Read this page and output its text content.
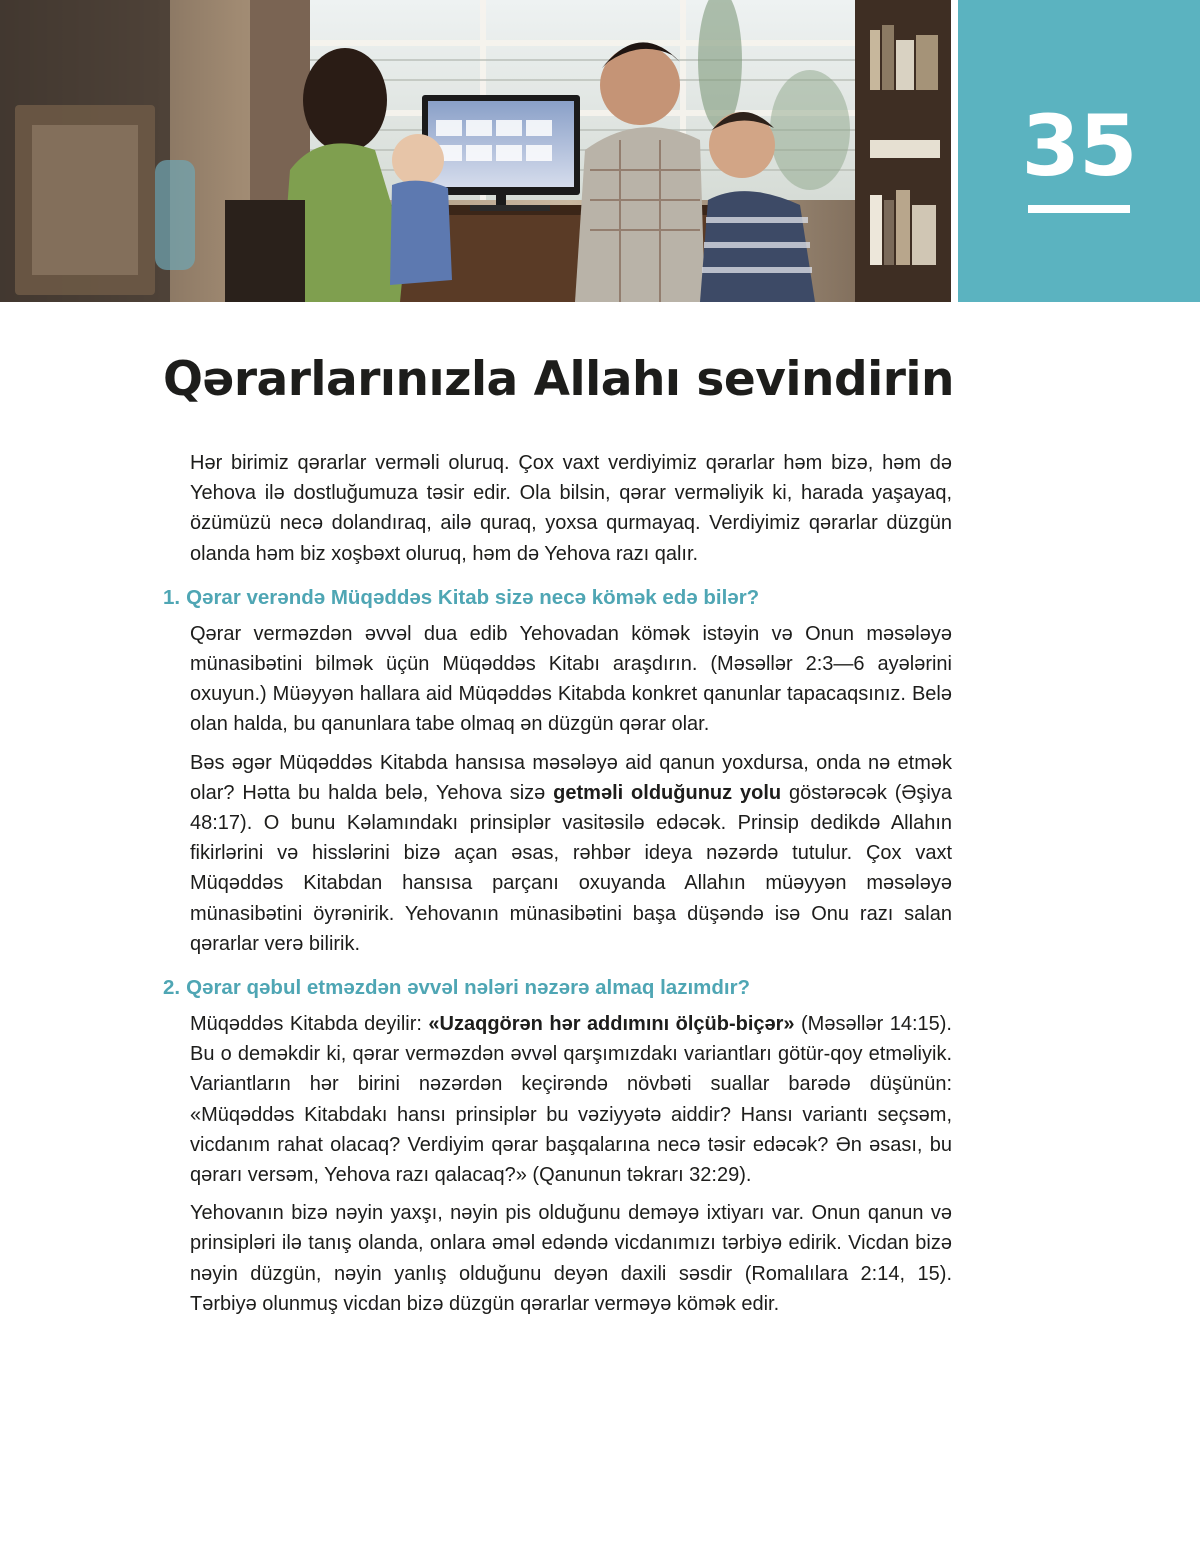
35
Qərarlarınızla Allahı sevindirin

Hər birimiz qərarlar verməli oluruq. Çox vaxt verdiyimiz qərarlar həm bizə, həm də Yehova ilə dostluğumuza təsir edir. Ola bilsin, qərar verməliyik ki, harada yaşayaq, özümüzü necə dolandıraq, ailə quraq, yoxsa qurmayaq. Verdiyimiz qərarlar düzgün olanda həm biz xoşbəxt oluruq, həm də Yehova razı qalır.

1. Qərar verəndə Müqəddəs Kitab sizə necə kömək edə bilər?

Qərar verməzdən əvvəl dua edib Yehovadan kömək istəyin və Onun məsələyə münasibətini bilmək üçün Müqəddəs Kitabı araşdırın. (Məsəllər 2:3—6 ayələrini oxuyun.) Müəyyən hallara aid Müqəddəs Kitabda konkret qanunlar tapacaqsınız. Belə olan halda, bu qanunlara tabe olmaq ən düzgün qərar olar.

Bəs əgər Müqəddəs Kitabda hansısa məsələyə aid qanun yoxdursa, onda nə etmək olar? Hətta bu halda belə, Yehova sizə getməli olduğunuz yolu göstərəcək (Əşiya 48:17). O bunu Kəlamındakı prinsiplər vasitəsilə edəcək. Prinsip dedikdə Allahın fikirlərini və hisslərini bizə açan əsas, rəhbər ideya nəzərdə tutulur. Çox vaxt Müqəddəs Kitabdan hansısa parçanı oxuyanda Allahın müəyyən məsələyə münasibətini öyrənirik. Yehovanın münasibətini başa düşəndə isə Onu razı salan qərarlar verə bilirik.

2. Qərar qəbul etməzdən əvvəl nələri nəzərə almaq lazımdır?

Müqəddəs Kitabda deyilir: «Uzaqgörən hər addımını ölçüb-biçər» (Məsəllər 14:15). Bu o deməkdir ki, qərar verməzdən əvvəl qarşımızdakı variantları götür-qoy etməliyik. Variantların hər birini nəzərdən keçirəndə növbəti suallar barədə düşünün: «Müqəddəs Kitabdakı hansı prinsiplər bu vəziyyətə aiddir? Hansı variantı seçsəm, vicdanım rahat olacaq? Verdiyim qərar başqalarına necə təsir edəcək? Ən əsası, bu qərarı versəm, Yehova razı qalacaq?» (Qanunun təkrarı 32:29).

Yehovanın bizə nəyin yaxşı, nəyin pis olduğunu deməyə ixtiyarı var. Onun qanun və prinsipləri ilə tanış olanda, onlara əməl edəndə vicdanımızı tərbiyə edirik. Vicdan bizə nəyin düzgün, nəyin yanlış olduğunu deyən daxili səsdir (Romalılara 2:14, 15). Tərbiyə olunmuş vicdan bizə düzgün qərarlar verməyə kömək edir.
